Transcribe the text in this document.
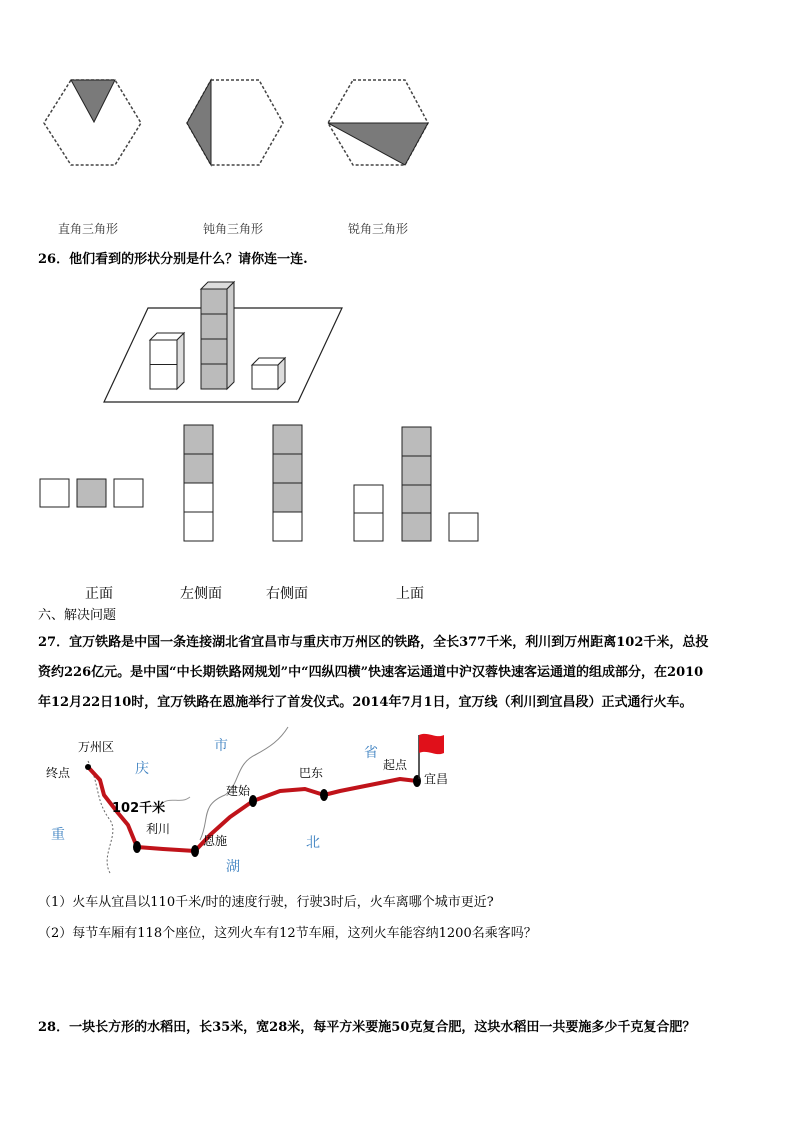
直角三角形	钝角三角形	锐角三角形
26．他们看到的形状分别是什么？请你连一连.
正面	左侧面	右侧面	上面
六、解决问题
27．宜万铁路是中国一条连接湖北省宜昌市与重庆市万州区的铁路，全长377千米，利川到万州距离102千米，总投
资约226亿元。是中国“中长期铁路网规划”中“四纵四横”快速客运通道中沪汉蓉快速客运通道的组成部分，在2010
年12月22日10时，宜万铁路在恩施举行了首发仪式。2014年7月1日，宜万线（利川到宜昌段）正式通行火车。
万州区
终点
102千米
利川
恩施
建始
巴东
起点
宜昌
庆
市	省
重
湖
北
（1）火车从宜昌以110千米/时的速度行驶，行驶3时后，火车离哪个城市更近?
（2）每节车厢有118个座位，这列火车有12节车厢，这列火车能容纳1200名乘客吗？
28．一块长方形的水稻田，长35米，宽28米，每平方米要施50克复合肥，这块水稻田一共要施多少千克复合肥？
